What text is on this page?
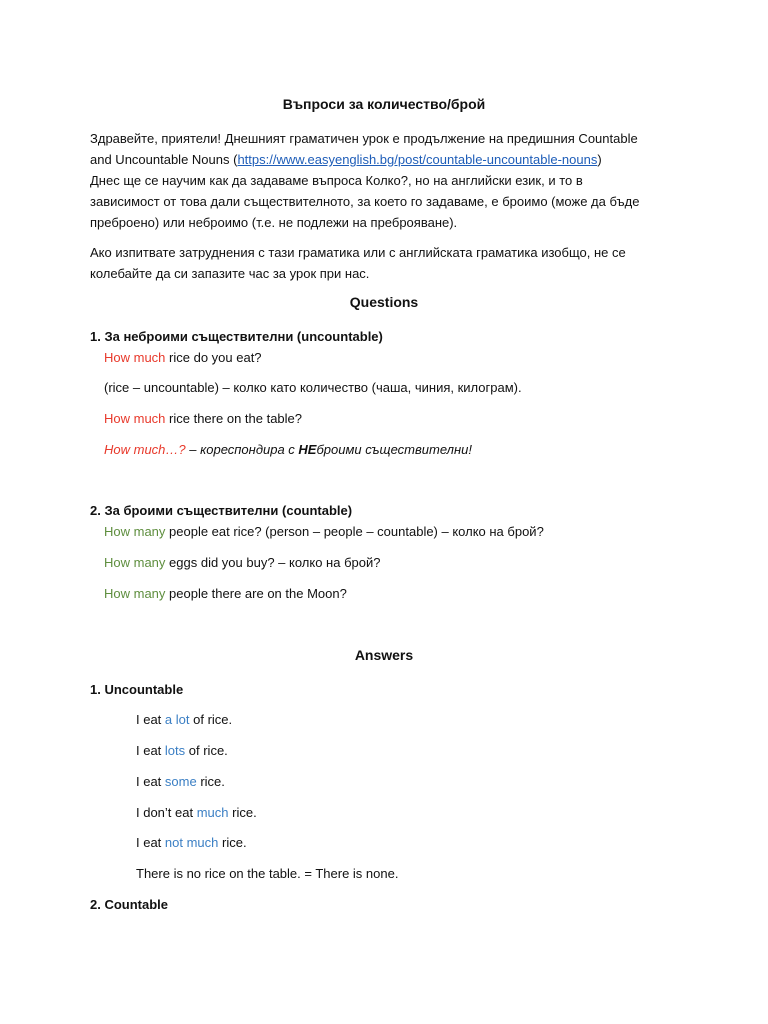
Въпроси за количество/брой
Здравейте, приятели! Днешният граматичен урок е продължение на предишния Countable
and Uncountable Nouns (https://www.easyenglish.bg/post/countable-uncountable-nouns)
Днес ще се научим как да задаваме въпроса Колко?, но на английски език, и то в
зависимост от това дали съществителното, за което го задаваме, е броимо (може да бъде
преброено) или неброимо (т.е. не подлежи на преброяване).
Ако изпитвате затруднения с тази граматика или с английската граматика изобщо, не се
колебайте да си запазите час за урок при нас.
Questions
1. За неброими съществителни (uncountable)
How much rice do you eat?
(rice – uncountable) – колко като количество (чаша, чиния, килограм).
How much rice there on the table?
How much…? – кореспондира с НЕброими съществителни!
2. За броими съществителни (countable)
How many people eat rice? (person – people – countable) – колко на брой?
How many eggs did you buy? – колко на брой?
How many people there are on the Moon?
Answers
1. Uncountable
I eat a lot of rice.
I eat lots of rice.
I eat some rice.
I don’t eat much rice.
I eat not much rice.
There is no rice on the table. = There is none.
2. Countable
